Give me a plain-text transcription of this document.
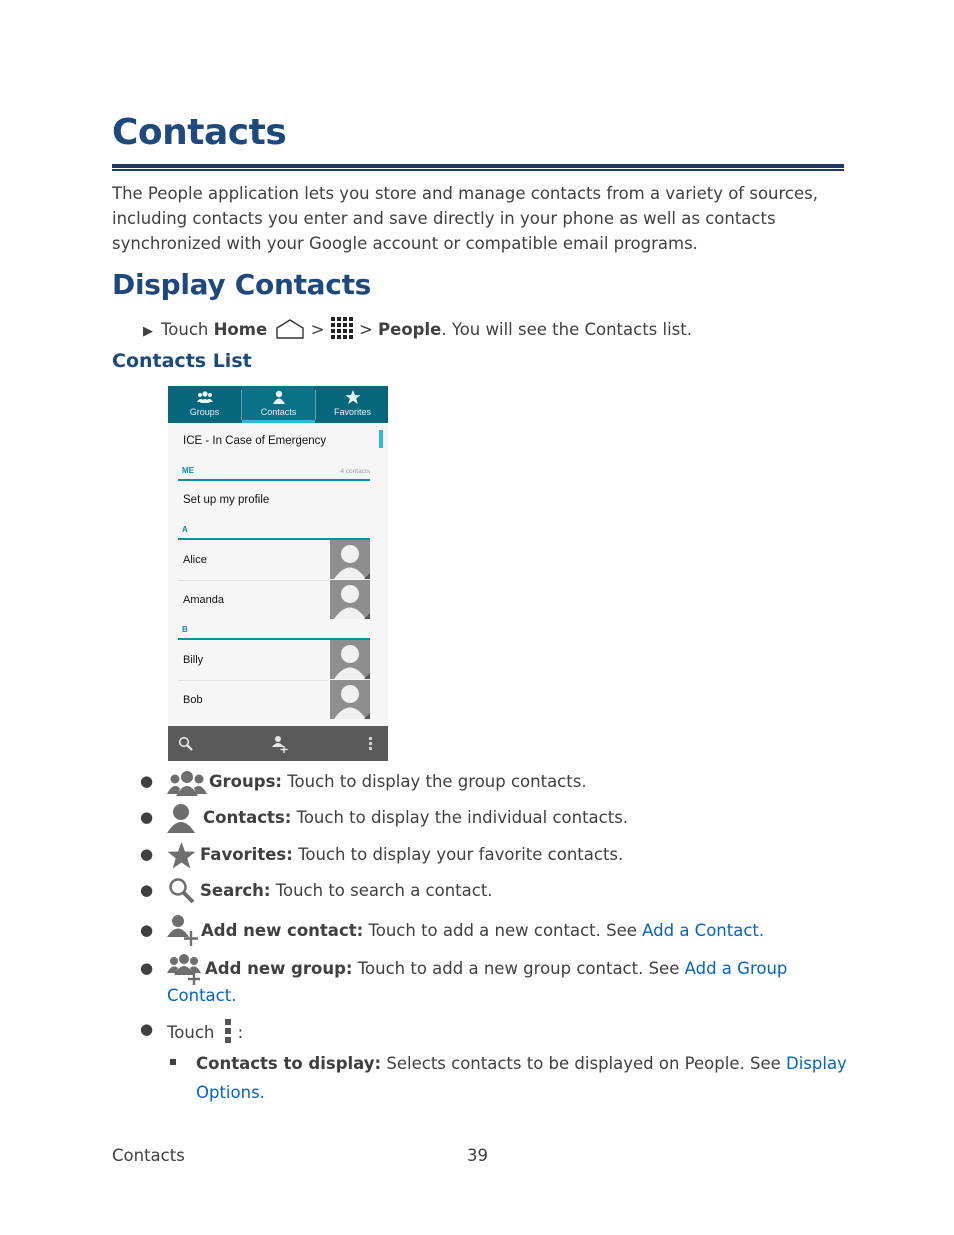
Contacts

The People application lets you store and manage contacts from a variety of sources, including contacts you enter and save directly in your phone as well as contacts synchronized with your Google account or compatible email programs.

Display Contacts
▶ Touch Home
>
> People. You will see the Contacts list.
Contacts List
Groups	Contacts	Favorites
ICE - In Case of Emergency
ME	4 contacts
Set up my profile
A
Alice
Amanda
B
Billy
Bob
●	Groups: Touch to display the group contacts.
●	Contacts: Touch to display the individual contacts.
●	Favorites: Touch to display your favorite contacts.
●	Search: Touch to search a contact.
●	Add new contact: Touch to add a new contact. See Add a Contact.
●	Add new group: Touch to add a new group contact. See Add a Group
Contact.
● Touch
:
Contacts to display: Selects contacts to be displayed on People. See Display
Options.
Contacts	39
